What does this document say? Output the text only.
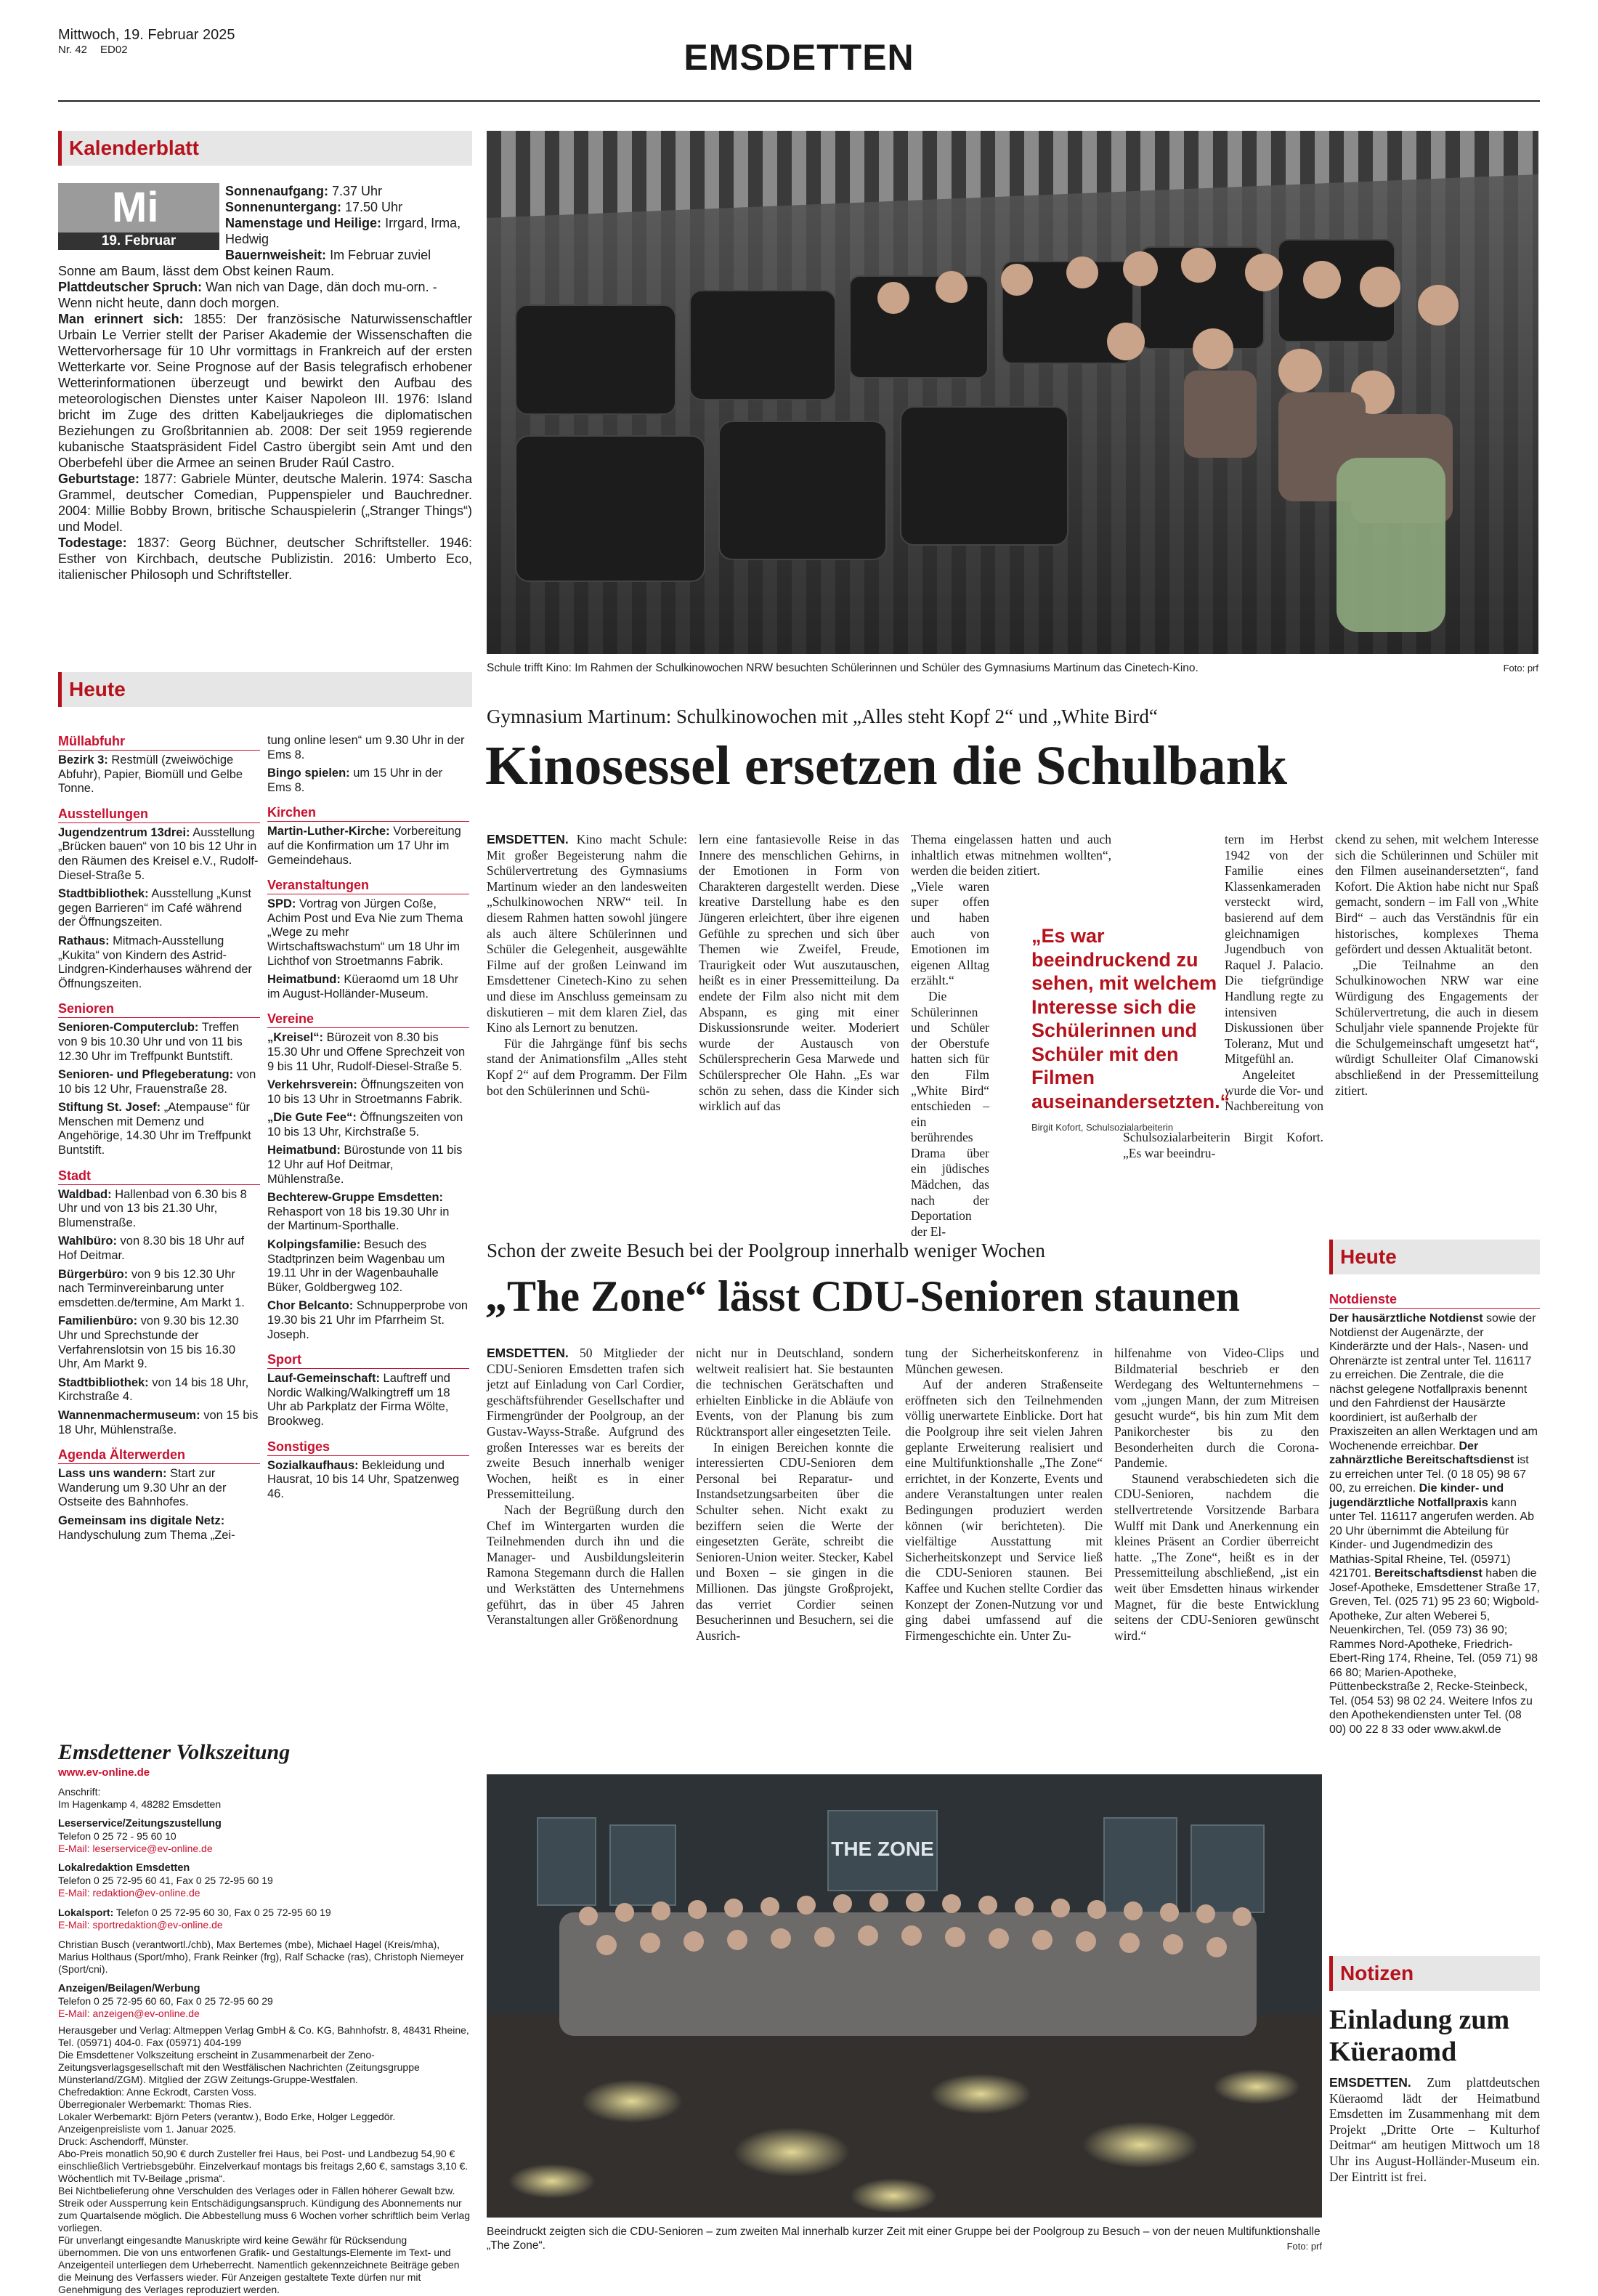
Mittwoch, 19. Februar 2025
Nr. 42 ED02	EMSDETTEN
Kalenderblatt
Mi
19. Februar
Sonnenaufgang: 7.37 Uhr
Sonnenuntergang: 17.50 Uhr
Namenstage und Heilige: Irrgard, Irma, Hedwig
Bauernweisheit: Im Februar zuviel Sonne am Baum, lässt dem Obst keinen Raum.
Plattdeutscher Spruch: Wan nich van Dage, dän doch mu-orn. - Wenn nicht heute, dann doch morgen.
Man erinnert sich: 1855: Der französische Naturwissenschaftler Urbain Le Verrier stellt der Pariser Akademie der Wissenschaften die Wettervorhersage für 10 Uhr vormittags in Frankreich auf der ersten Wetterkarte vor. Seine Prognose auf der Basis telegrafisch erhobener Wetterinformationen überzeugt und bewirkt den Aufbau des meteorologischen Dienstes unter Kaiser Napoleon III. 1976: Island bricht im Zuge des dritten Kabeljaukrieges die diplomatischen Beziehungen zu Großbritannien ab. 2008: Der seit 1959 regierende kubanische Staatspräsident Fidel Castro übergibt sein Amt und den Oberbefehl über die Armee an seinen Bruder Raúl Castro.
Geburtstage: 1877: Gabriele Münter, deutsche Malerin. 1974: Sascha Grammel, deutscher Comedian, Puppenspieler und Bauchredner. 2004: Millie Bobby Brown, britische Schauspielerin („Stranger Things“) und Model.
Todestage: 1837: Georg Büchner, deutscher Schriftsteller. 1946: Esther von Kirchbach, deutsche Publizistin. 2016: Umberto Eco, italienischer Philosoph und Schriftsteller.
Heute
Müllabfuhr
Bezirk 3: Restmüll (zweiwöchige Abfuhr), Papier, Biomüll und Gelbe Tonne.
Ausstellungen
Jugendzentrum 13drei: Ausstellung „Brücken bauen“ von 10 bis 12 Uhr in den Räumen des Kreisel e.V., Rudolf-Diesel-Straße 5.
Stadtbibliothek: Ausstellung „Kunst gegen Barrieren“ im Café während der Öffnungszeiten.
Rathaus: Mitmach-Ausstellung „Kukita“ von Kindern des Astrid-Lindgren-Kinderhauses während der Öffnungszeiten.
Senioren
Senioren-Computerclub: Treffen von 9 bis 10.30 Uhr und von 11 bis 12.30 Uhr im Treffpunkt Buntstift.
Senioren- und Pflegeberatung: von 10 bis 12 Uhr, Frauenstraße 28.
Stiftung St. Josef: „Atempause“ für Menschen mit Demenz und Angehörige, 14.30 Uhr im Treffpunkt Buntstift.
Stadt
Waldbad: Hallenbad von 6.30 bis 8 Uhr und von 13 bis 21.30 Uhr, Blumenstraße.
Wahlbüro: von 8.30 bis 18 Uhr auf Hof Deitmar.
Bürgerbüro: von 9 bis 12.30 Uhr nach Terminvereinbarung unter emsdetten.de/termine, Am Markt 1.
Familienbüro: von 9.30 bis 12.30 Uhr und Sprechstunde der Verfahrenslotsin von 15 bis 16.30 Uhr, Am Markt 9.
Stadtbibliothek: von 14 bis 18 Uhr, Kirchstraße 4.
Wannenmachermuseum: von 15 bis 18 Uhr, Mühlenstraße.
Agenda Älterwerden
Lass uns wandern: Start zur Wanderung um 9.30 Uhr an der Ostseite des Bahnhofes.
Gemeinsam ins digitale Netz: Handyschulung zum Thema „Zei-
tung online lesen“ um 9.30 Uhr in der Ems 8.
Bingo spielen: um 15 Uhr in der Ems 8.
Kirchen
Martin-Luther-Kirche: Vorbereitung auf die Konfirmation um 17 Uhr im Gemeindehaus.
Veranstaltungen
SPD: Vortrag von Jürgen Coße, Achim Post und Eva Nie zum Thema „Wege zu mehr Wirtschaftswachstum“ um 18 Uhr im Lichthof von Stroetmanns Fabrik.
Heimatbund: Küeraomd um 18 Uhr im August-Holländer-Museum.
Vereine
„Kreisel“: Bürozeit von 8.30 bis 15.30 Uhr und Offene Sprechzeit von 9 bis 11 Uhr, Rudolf-Diesel-Straße 5.
Verkehrsverein: Öffnungszeiten von 10 bis 13 Uhr in Stroetmanns Fabrik.
„Die Gute Fee“: Öffnungszeiten von 10 bis 13 Uhr, Kirchstraße 5.
Heimatbund: Bürostunde von 11 bis 12 Uhr auf Hof Deitmar, Mühlenstraße.
Bechterew-Gruppe Emsdetten: Rehasport von 18 bis 19.30 Uhr in der Martinum-Sporthalle.
Kolpingsfamilie: Besuch des Stadtprinzen beim Wagenbau um 19.11 Uhr in der Wagenbauhalle Büker, Goldbergweg 102.
Chor Belcanto: Schnupperprobe von 19.30 bis 21 Uhr im Pfarrheim St. Joseph.
Sport
Lauf-Gemeinschaft: Lauftreff und Nordic Walking/Walkingtreff um 18 Uhr ab Parkplatz der Firma Wölte, Brookweg.
Sonstiges
Sozialkaufhaus: Bekleidung und Hausrat, 10 bis 14 Uhr, Spatzenweg 46.
Emsdettener Volkszeitung
www.ev-online.de
Anschrift:
Im Hagenkamp 4, 48282 Emsdetten
Leserservice/Zeitungszustellung
Telefon 0 25 72 - 95 60 10
E-Mail: leserservice@ev-online.de
Lokalredaktion Emsdetten
Telefon 0 25 72-95 60 41, Fax 0 25 72-95 60 19
E-Mail: redaktion@ev-online.de
Lokalsport: Telefon 0 25 72-95 60 30, Fax 0 25 72-95 60 19
E-Mail: sportredaktion@ev-online.de
Christian Busch (verantwortl./chb), Max Bertemes (mbe), Michael Hagel (Kreis/mha), Marius Holthaus (Sport/mho), Frank Reinker (frg), Ralf Schacke (ras), Christoph Niemeyer (Sport/cni).
Anzeigen/Beilagen/Werbung
Telefon 0 25 72-95 60 60, Fax 0 25 72-95 60 29
E-Mail: anzeigen@ev-online.de
Herausgeber und Verlag: Altmeppen Verlag GmbH & Co. KG, Bahnhofstr. 8, 48431 Rheine, Tel. (05971) 404-0. Fax (05971) 404-199
Die Emsdettener Volkszeitung erscheint in Zusammenarbeit der Zeno-Zeitungsverlagsgesellschaft mit den Westfälischen Nachrichten (Zeitungsgruppe Münsterland/ZGM). Mitglied der ZGW Zeitungs-Gruppe-Westfalen.
Chefredaktion: Anne Eckrodt, Carsten Voss.
Überregionaler Werbemarkt: Thomas Ries.
Lokaler Werbemarkt: Björn Peters (verantw.), Bodo Erke, Holger Leggedör.
Anzeigenpreisliste vom 1. Januar 2025.
Druck: Aschendorff, Münster.
Abo-Preis monatlich 50,90 € durch Zusteller frei Haus, bei Post- und Landbezug 54,90 € einschließlich Vertriebsgebühr. Einzelverkauf montags bis freitags 2,60 €, samstags 3,10 €. Wöchentlich mit TV-Beilage „prisma“.
Bei Nichtbelieferung ohne Verschulden des Verlages oder in Fällen höherer Gewalt bzw. Streik oder Aussperrung kein Entschädigungsanspruch. Kündigung des Abonnements nur zum Quartalsende möglich. Die Abbestellung muss 6 Wochen vorher schriftlich beim Verlag vorliegen.
Für unverlangt eingesandte Manuskripte wird keine Gewähr für Rücksendung übernommen. Die von uns entworfenen Grafik- und Gestaltungs-Elemente im Text- und Anzeigenteil unterliegen dem Urheberrecht. Namentlich gekennzeichnete Beiträge geben die Meinung des Verfassers wieder. Für Anzeigen gestaltete Texte dürfen nur mit Genehmigung des Verlages reproduziert werden.
Schule trifft Kino: Im Rahmen der Schulkinowochen NRW besuchten Schülerinnen und Schüler des Gymnasiums Martinum das Cinetech-Kino.	Foto: prf
Gymnasium Martinum: Schulkinowochen mit „Alles steht Kopf 2“ und „White Bird“
Kinosessel ersetzen die Schulbank

EMSDETTEN. Kino macht Schule: Mit großer Begeisterung nahm die Schülervertretung des Gymnasiums Martinum wieder an den landesweiten „Schulkinowochen NRW“ teil. In diesem Rahmen hatten sowohl jüngere als auch ältere Schülerinnen und Schüler die Gelegenheit, ausgewählte Filme auf der großen Leinwand im Emsdettener Cinetech-Kino zu sehen und diese im Anschluss gemeinsam zu diskutieren – mit dem klaren Ziel, das Kino als Lernort zu benutzen.

Für die Jahrgänge fünf bis sechs stand der Animationsfilm „Alles steht Kopf 2“ auf dem Programm. Der Film bot den Schülerinnen und Schü-

lern eine fantasievolle Reise in das Innere des menschlichen Gehirns, in der Emotionen in Form von Charakteren dargestellt werden. Diese kreative Darstellung habe es den Jüngeren erleichtert, über ihre eigenen Gefühle zu sprechen und sich über Themen wie Zweifel, Freude, Traurigkeit oder Wut auszutauschen, heißt es in einer Pressemitteilung. Da endete der Film also nicht mit dem Abspann, es ging mit einer Diskussionsrunde weiter. Moderiert wurde der Austausch von Schülersprecherin Gesa Marwede und Schülersprecher Ole Hahn. „Es war schön zu sehen, dass die Kinder sich wirklich auf das

Thema eingelassen hatten und auch inhaltlich etwas mitnehmen wollten“, werden die beiden zitiert.

„Viele waren super offen und haben auch von Emotionen im eigenen Alltag erzählt.“

Die Schülerinnen und Schüler der Oberstufe hatten sich für den Film „White Bird“ entschieden – ein berührendes Drama über ein jüdisches Mädchen, das nach der Deportation der El-

„Es war beeindruckend zu sehen, mit welchem Interesse sich die Schülerinnen und Schüler mit den Filmen auseinandersetzten.“
Birgit Kofort, Schulsozialarbeiterin

tern im Herbst 1942 von der Familie eines Klassenkameraden versteckt wird, basierend auf dem gleichnamigen Jugendbuch von Raquel J. Palacio. Die tiefgründige Handlung regte zu intensiven Diskussionen über Toleranz, Mut und Mitgefühl an.

Angeleitet wurde die Vor- und Nachbereitung von Schulsozialarbeiterin Birgit Kofort. „Es war beeindru-

ckend zu sehen, mit welchem Interesse sich die Schülerinnen und Schüler mit den Filmen auseinandersetzten“, fand Kofort. Die Aktion habe nicht nur Spaß gemacht, sondern – im Fall von „White Bird“ – auch das Verständnis für ein historisches, komplexes Thema gefördert und dessen Aktualität betont.

„Die Teilnahme an den Schulkinowochen NRW war eine Würdigung des Engagements der Schülervertretung, die auch in diesem Schuljahr viele spannende Projekte für die Schulgemeinschaft umgesetzt hat“, würdigt Schulleiter Olaf Cimanowski abschließend in der Pressemitteilung zitiert.

Schon der zweite Besuch bei der Poolgroup innerhalb weniger Wochen
„The Zone“ lässt CDU-Senioren staunen

EMSDETTEN. 50 Mitglieder der CDU-Senioren Emsdetten trafen sich jetzt auf Einladung von Carl Cordier, geschäftsführender Gesellschafter und Firmengründer der Poolgroup, an der Gustav-Wayss-Straße. Aufgrund des großen Interesses war es bereits der zweite Besuch innerhalb weniger Wochen, heißt es in einer Pressemitteilung.

Nach der Begrüßung durch den Chef im Wintergarten wurden die Teilnehmenden durch ihn und die Manager- und Ausbildungsleiterin Ramona Stegemann durch die Hallen und Werkstätten des Unternehmens geführt, das in über 45 Jahren Veranstaltungen aller Größenordnung

nicht nur in Deutschland, sondern weltweit realisiert hat. Sie bestaunten die technischen Gerätschaften und erhielten Einblicke in die Abläufe von Events, von der Planung bis zum Rücktransport aller eingesetzten Teile.

In einigen Bereichen konnte die interessierten CDU-Senioren dem Personal bei Reparatur- und Instandsetzungsarbeiten über die Schulter sehen. Nicht exakt zu beziffern seien die Werte der eingesetzten Geräte, schreibt die Senioren-Union weiter. Stecker, Kabel und Boxen – sie gingen in die Millionen. Das jüngste Großprojekt, das verriet Cordier seinen Besucherinnen und Besuchern, sei die Ausrich-

tung der Sicherheitskonferenz in München gewesen.

Auf der anderen Straßenseite eröffneten sich den Teilnehmenden völlig unerwartete Einblicke. Dort hat die Poolgroup ihre seit vielen Jahren geplante Erweiterung realisiert und eine Multifunktionshalle „The Zone“ errichtet, in der Konzerte, Events und andere Veranstaltungen unter realen Bedingungen produziert werden können (wir berichteten). Die vielfältige Ausstattung mit Sicherheitskonzept und Service ließ die CDU-Senioren staunen. Bei Kaffee und Kuchen stellte Cordier das Konzept der Zonen-Nutzung vor und ging dabei umfassend auf die Firmengeschichte ein. Unter Zu-

hilfenahme von Video-Clips und Bildmaterial beschrieb er den Werdegang des Weltunternehmens – vom „jungen Mann, der zum Mitreisen gesucht wurde“, bis hin zum Mit dem Panikorchester bis zu den Besonderheiten durch die Corona-Pandemie.

Staunend verabschiedeten sich die CDU-Senioren, nachdem die stellvertretende Vorsitzende Barbara Wulff mit Dank und Anerkennung ein kleines Präsent an Cordier überreicht hatte. „The Zone“, heißt es in der Pressemitteilung abschließend, „ist ein weit über Emsdetten hinaus wirkender Magnet, für die beste Entwicklung seitens der CDU-Senioren gewünscht wird.“

THE ZONE
Beeindruckt zeigten sich die CDU-Senioren – zum zweiten Mal innerhalb kurzer Zeit mit einer Gruppe bei der Poolgroup zu Besuch – von der neuen Multifunktionshalle „The Zone“.	Foto: prf
Heute
Notdienste
Der hausärztliche Notdienst sowie der Notdienst der Augenärzte, der Kinderärzte und der Hals-, Nasen- und Ohrenärzte ist zentral unter Tel. 116117 zu erreichen. Die Zentrale, die die nächst gelegene Notfallpraxis benennt und den Fahrdienst der Hausärzte koordiniert, ist außerhalb der Praxiszeiten an allen Werktagen und am Wochenende erreichbar. Der zahnärztliche Bereitschaftsdienst ist zu erreichen unter Tel. (0 18 05) 98 67 00, zu erreichen. Die kinder- und jugendärztliche Notfallpraxis kann unter Tel. 116117 angerufen werden. Ab 20 Uhr übernimmt die Abteilung für Kinder- und Jugendmedizin des Mathias-Spital Rheine, Tel. (05971) 421701. Bereitschaftsdienst haben die Josef-Apotheke, Emsdettener Straße 17, Greven, Tel. (025 71) 95 23 60; Wigbold-Apotheke, Zur alten Weberei 5, Neuenkirchen, Tel. (059 73) 36 90; Rammes Nord-Apotheke, Friedrich-Ebert-Ring 174, Rheine, Tel. (059 71) 98 66 80; Marien-Apotheke, Püttenbeckstraße 2, Recke-Steinbeck, Tel. (054 53) 98 02 24. Weitere Infos zu den Apothekendiensten unter Tel. (08 00) 00 22 8 33 oder www.akwl.de
Notizen
Einladung zum Küeraomd
EMSDETTEN. Zum plattdeutschen Küeraomd lädt der Heimatbund Emsdetten im Zusammenhang mit dem Projekt „Dritte Orte – Kulturhof Deitmar“ am heutigen Mittwoch um 18 Uhr ins August-Holländer-Museum ein. Der Eintritt ist frei.
